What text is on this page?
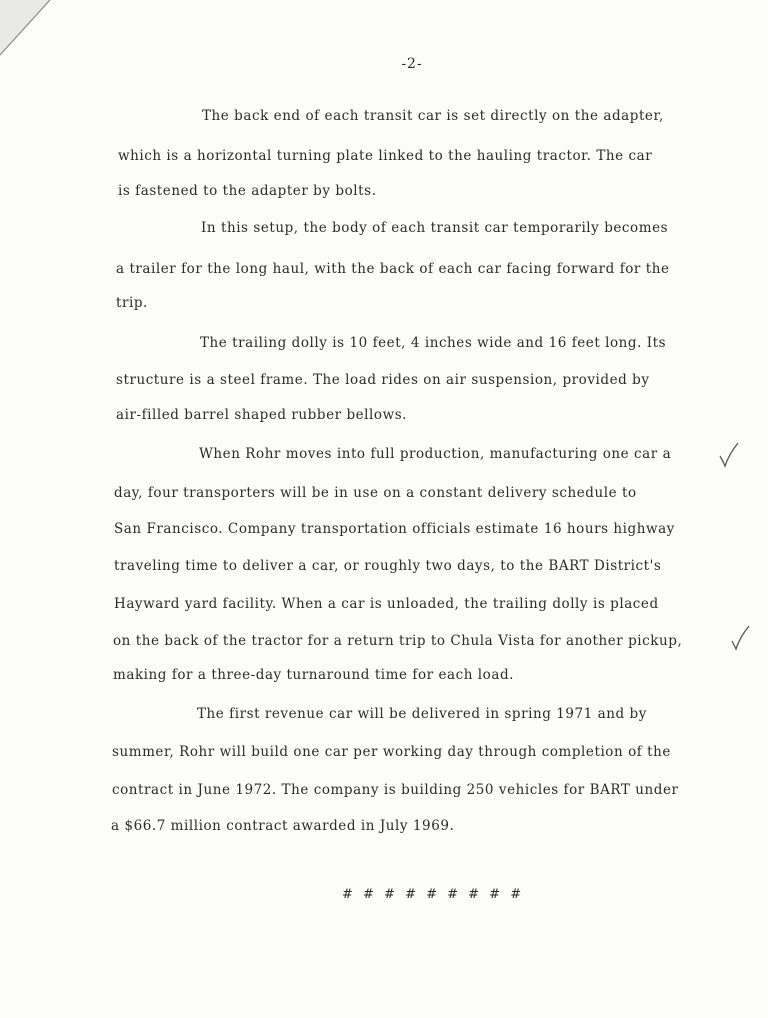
-2-
The back end of each transit car is set directly on the adapter,
which is a horizontal turning plate linked to the hauling tractor. The car
is fastened to the adapter by bolts.
In this setup, the body of each transit car temporarily becomes
a trailer for the long haul, with the back of each car facing forward for the
trip.
The trailing dolly is 10 feet, 4 inches wide and 16 feet long. Its
structure is a steel frame. The load rides on air suspension, provided by
air-filled barrel shaped rubber bellows.
When Rohr moves into full production, manufacturing one car a
day, four transporters will be in use on a constant delivery schedule to
San Francisco. Company transportation officials estimate 16 hours highway
traveling time to deliver a car, or roughly two days, to the BART District's
Hayward yard facility. When a car is unloaded, the trailing dolly is placed
on the back of the tractor for a return trip to Chula Vista for another pickup,
making for a three-day turnaround time for each load.
The first revenue car will be delivered in spring 1971 and by
summer, Rohr will build one car per working day through completion of the
contract in June 1972. The company is building 250 vehicles for BART under
a $66.7 million contract awarded in July 1969.
# # # # # # # # #
